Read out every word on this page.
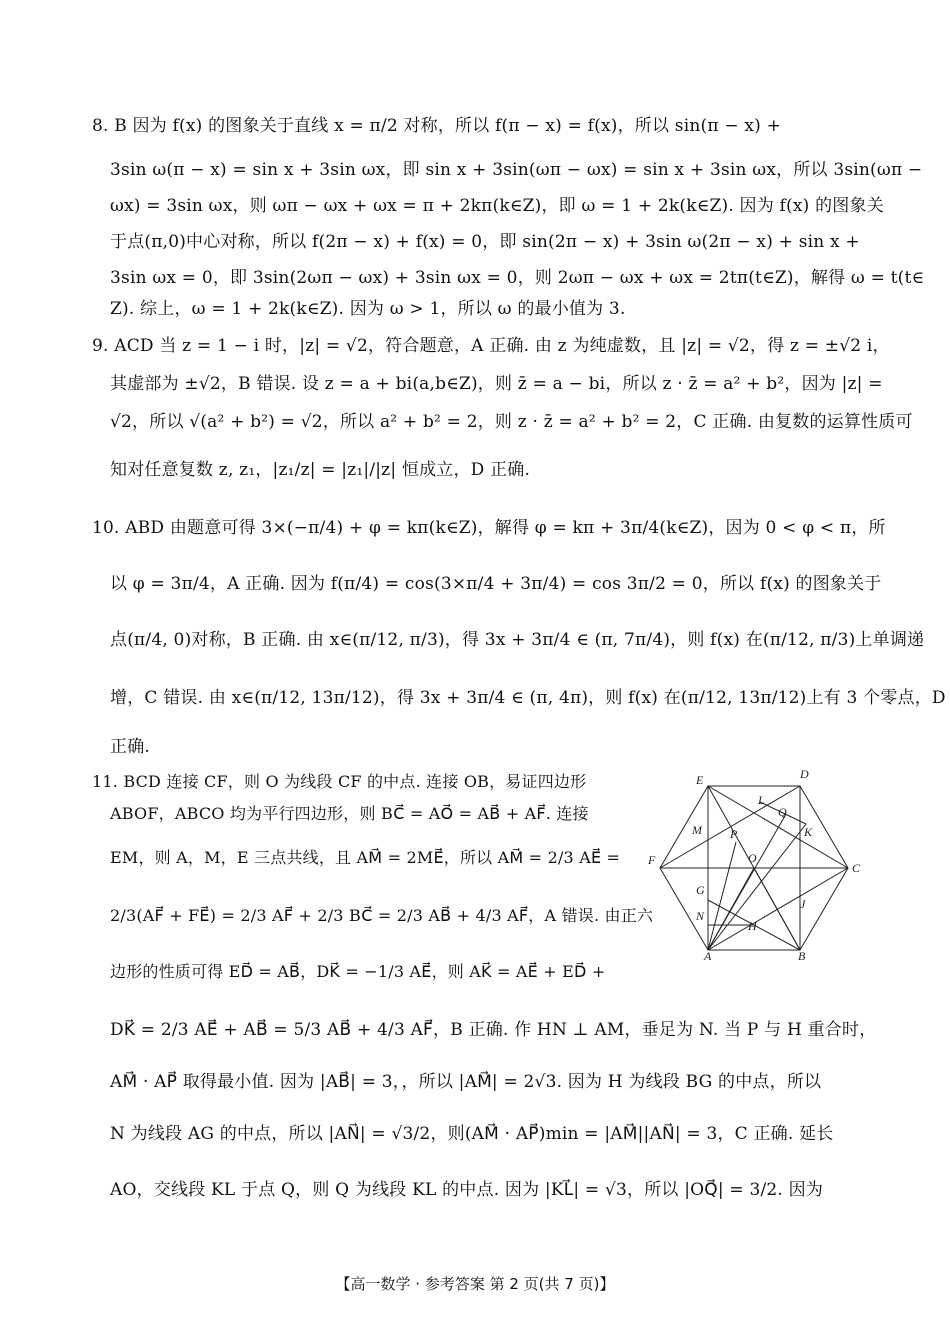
8. B 因为 f(x) 的图象关于直线 x = π/2 对称，所以 f(π − x) = f(x)，所以 sin(π − x) +
3sin ω(π − x) = sin x + 3sin ωx，即 sin x + 3sin(ωπ − ωx) = sin x + 3sin ωx，所以 3sin(ωπ −
ωx) = 3sin ωx，则 ωπ − ωx + ωx = π + 2kπ(k∈Z)，即 ω = 1 + 2k(k∈Z). 因为 f(x) 的图象关
于点(π,0)中心对称，所以 f(2π − x) + f(x) = 0，即 sin(2π − x) + 3sin ω(2π − x) + sin x +
3sin ωx = 0，即 3sin(2ωπ − ωx) + 3sin ωx = 0，则 2ωπ − ωx + ωx = 2tπ(t∈Z)，解得 ω = t(t∈
Z). 综上，ω = 1 + 2k(k∈Z). 因为 ω > 1，所以 ω 的最小值为 3.
9. ACD 当 z = 1 − i 时，|z| = √2，符合题意，A 正确. 由 z 为纯虚数，且 |z| = √2，得 z = ±√2 i，
其虚部为 ±√2，B 错误. 设 z = a + bi(a,b∈Z)，则 z̄ = a − bi，所以 z · z̄ = a² + b²，因为 |z| =
√2，所以 √(a² + b²) = √2，所以 a² + b² = 2，则 z · z̄ = a² + b² = 2，C 正确. 由复数的运算性质可
知对任意复数 z, z₁，|z₁/z| = |z₁|/|z| 恒成立，D 正确.
10. ABD 由题意可得 3×(−π/4) + φ = kπ(k∈Z)，解得 φ = kπ + 3π/4(k∈Z)，因为 0 < φ < π，所
以 φ = 3π/4，A 正确. 因为 f(π/4) = cos(3×π/4 + 3π/4) = cos 3π/2 = 0，所以 f(x) 的图象关于
点(π/4, 0)对称，B 正确. 由 x∈(π/12, π/3)，得 3x + 3π/4 ∈ (π, 7π/4)，则 f(x) 在(π/12, π/3)上单调递
增，C 错误. 由 x∈(π/12, 13π/12)，得 3x + 3π/4 ∈ (π, 4π)，则 f(x) 在(π/12, 13π/12)上有 3 个零点，D
正确.
11. BCD 连接 CF，则 O 为线段 CF 的中点. 连接 OB，易证四边形
ABOF，ABCO 均为平行四边形，则 BC⃗ = AO⃗ = AB⃗ + AF⃗. 连接
EM，则 A，M，E 三点共线，且 AM⃗ = 2ME⃗，所以 AM⃗ = 2/3 AE⃗ =
2/3(AF⃗ + FE⃗) = 2/3 AF⃗ + 2/3 BC⃗ = 2/3 AB⃗ + 4/3 AF⃗，A 错误. 由正六
边形的性质可得 ED⃗ = AB⃗，DK⃗ = −1/3 AE⃗，则 AK⃗ = AE⃗ + ED⃗ +
DK⃗ = 2/3 AE⃗ + AB⃗ = 5/3 AB⃗ + 4/3 AF⃗，B 正确. 作 HN ⊥ AM，垂足为 N. 当 P 与 H 重合时，
AM⃗ · AP⃗ 取得最小值. 因为 |AB⃗| = 3，，所以 |AM⃗| = 2√3. 因为 H 为线段 BG 的中点，所以
N 为线段 AG 的中点，所以 |AN⃗| = √3/2，则(AM⃗ · AP⃗)min = |AM⃗||AN⃗| = 3，C 正确. 延长
AO，交线段 KL 于点 Q，则 Q 为线段 KL 的中点. 因为 |KL⃗| = √3，所以 |OQ⃗| = 3/2. 因为
E	D
F
C
A	B
O
M
L
Q
K
P
G
N
H
J
【高一数学 · 参考答案 第 2 页(共 7 页)】
